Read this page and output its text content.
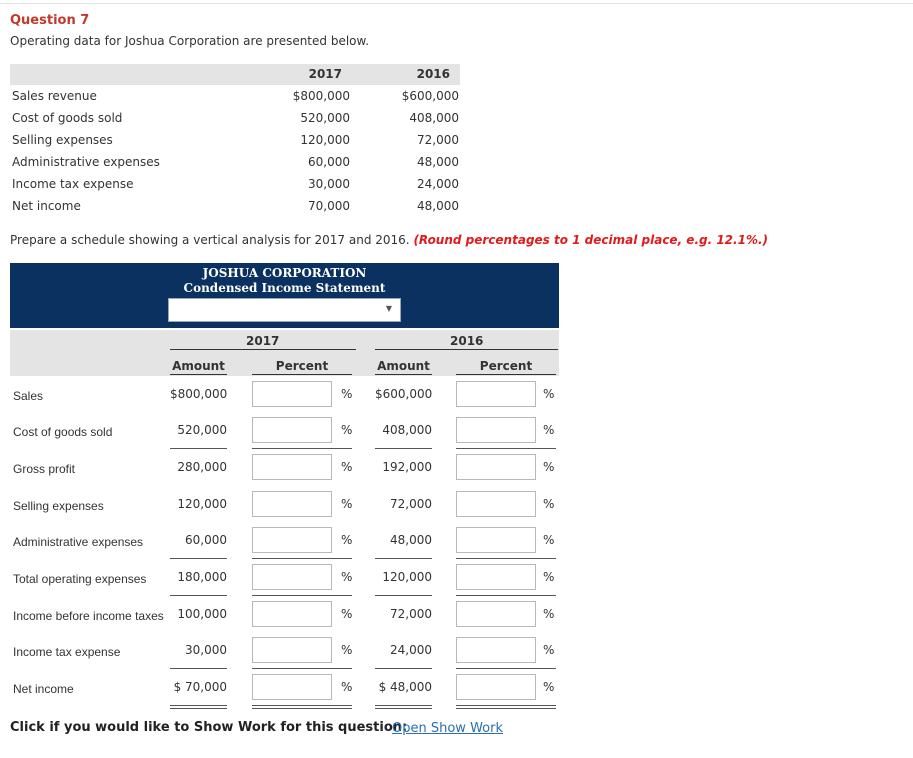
Question 7
Operating data for Joshua Corporation are presented below.
2017	2016
Sales revenue	$800,000	$600,000
Cost of goods sold	520,000	408,000
Selling expenses	120,000	72,000
Administrative expenses	60,000	48,000
Income tax expense	30,000	24,000
Net income	70,000	48,000
Prepare a schedule showing a vertical analysis for 2017 and 2016. (Round percentages to 1 decimal place, e.g. 12.1%.)
JOSHUA CORPORATION
Condensed Income Statement
▼
2017	2016
Amount	Percent	Amount	Percent
Sales	$800,000	% $600,000	%
Cost of goods sold	520,000	%	408,000	%
Gross profit	280,000	%	192,000	%
Selling expenses	120,000	%	72,000	%
Administrative expenses	60,000	%	48,000	%
Total operating expenses	180,000	%	120,000	%
Income before income taxes	100,000	%	72,000	%
Income tax expense	30,000	%	24,000	%
Net income	$ 70,000	% $ 48,000	%
Click if you would like to Show Work for this question:
Open Show Work
